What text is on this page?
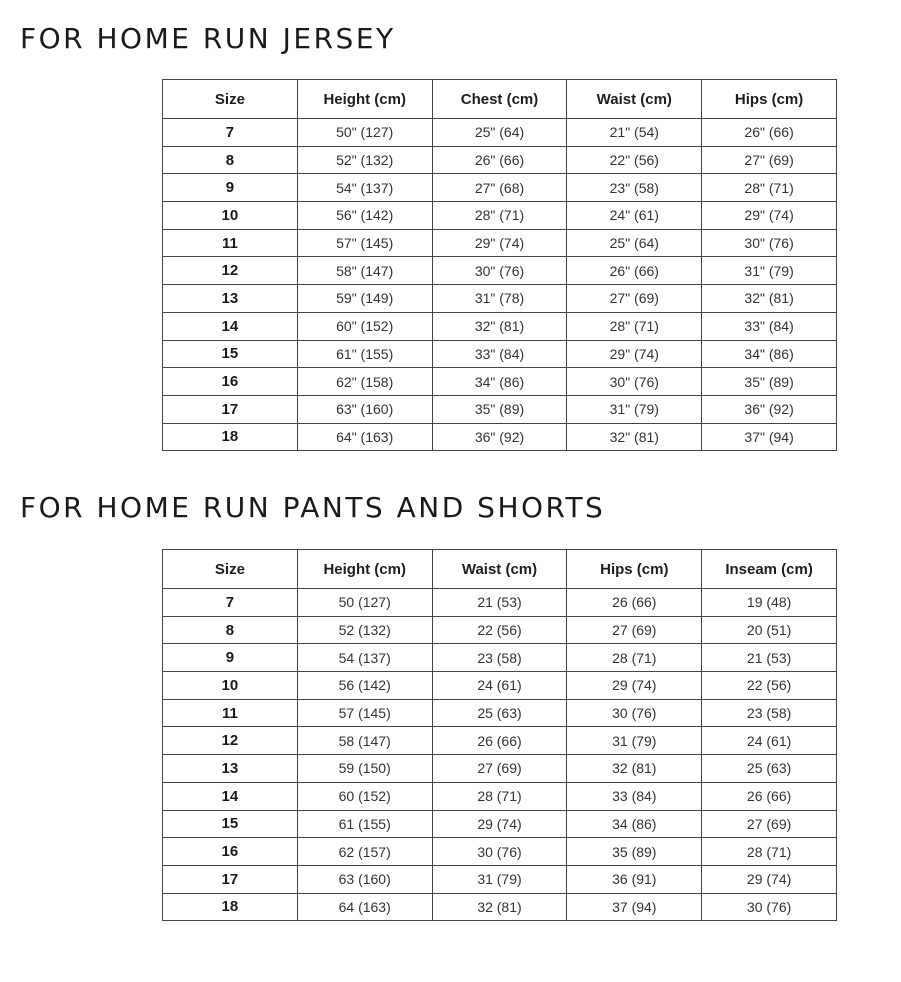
FOR HOME RUN JERSEY
Size	Height (cm)	Chest (cm)	Waist (cm)	Hips (cm)
7	50" (127)	25" (64)	21" (54)	26" (66)
8	52" (132)	26" (66)	22" (56)	27" (69)
9	54" (137)	27" (68)	23" (58)	28" (71)
10	56" (142)	28" (71)	24" (61)	29" (74)
11	57" (145)	29" (74)	25" (64)	30" (76)
12	58" (147)	30" (76)	26" (66)	31" (79)
13	59" (149)	31" (78)	27" (69)	32" (81)
14	60" (152)	32" (81)	28" (71)	33" (84)
15	61" (155)	33" (84)	29" (74)	34" (86)
16	62" (158)	34" (86)	30" (76)	35" (89)
17	63" (160)	35" (89)	31" (79)	36" (92)
18	64" (163)	36" (92)	32" (81)	37" (94)
FOR HOME RUN PANTS AND SHORTS
Size	Height (cm)	Waist (cm)	Hips (cm)	Inseam (cm)
7	50 (127)	21 (53)	26 (66)	19 (48)
8	52 (132)	22 (56)	27 (69)	20 (51)
9	54 (137)	23 (58)	28 (71)	21 (53)
10	56 (142)	24 (61)	29 (74)	22 (56)
11	57 (145)	25 (63)	30 (76)	23 (58)
12	58 (147)	26 (66)	31 (79)	24 (61)
13	59 (150)	27 (69)	32 (81)	25 (63)
14	60 (152)	28 (71)	33 (84)	26 (66)
15	61 (155)	29 (74)	34 (86)	27 (69)
16	62 (157)	30 (76)	35 (89)	28 (71)
17	63 (160)	31 (79)	36 (91)	29 (74)
18	64 (163)	32 (81)	37 (94)	30 (76)
